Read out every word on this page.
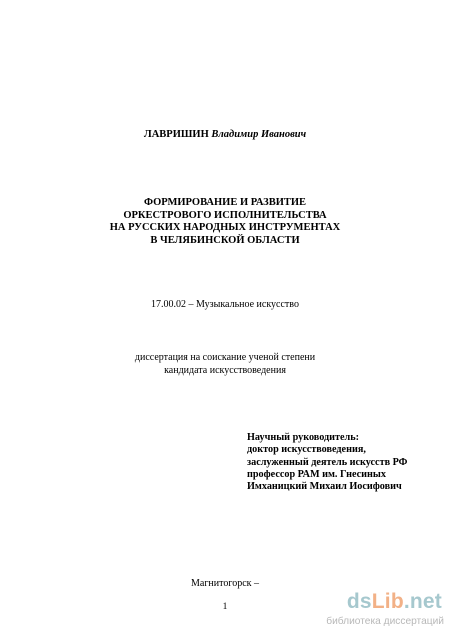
ЛАВРИШИН Владимир Иванович
ФОРМИРОВАНИЕ И РАЗВИТИЕ
ОРКЕСТРОВОГО ИСПОЛНИТЕЛЬСТВА
НА РУССКИХ НАРОДНЫХ ИНСТРУМЕНТАХ
В ЧЕЛЯБИНСКОЙ ОБЛАСТИ
17.00.02 – Музыкальное искусство
диссертация на соискание ученой степени
кандидата искусствоведения
Научный руководитель:
доктор искусствоведения,
заслуженный деятель искусств РФ
профессор РАМ им. Гнесиных
Имханицкий Михаил Иосифович
Магнитогорск –
1	dsLib.net
библиотека диссертаций
